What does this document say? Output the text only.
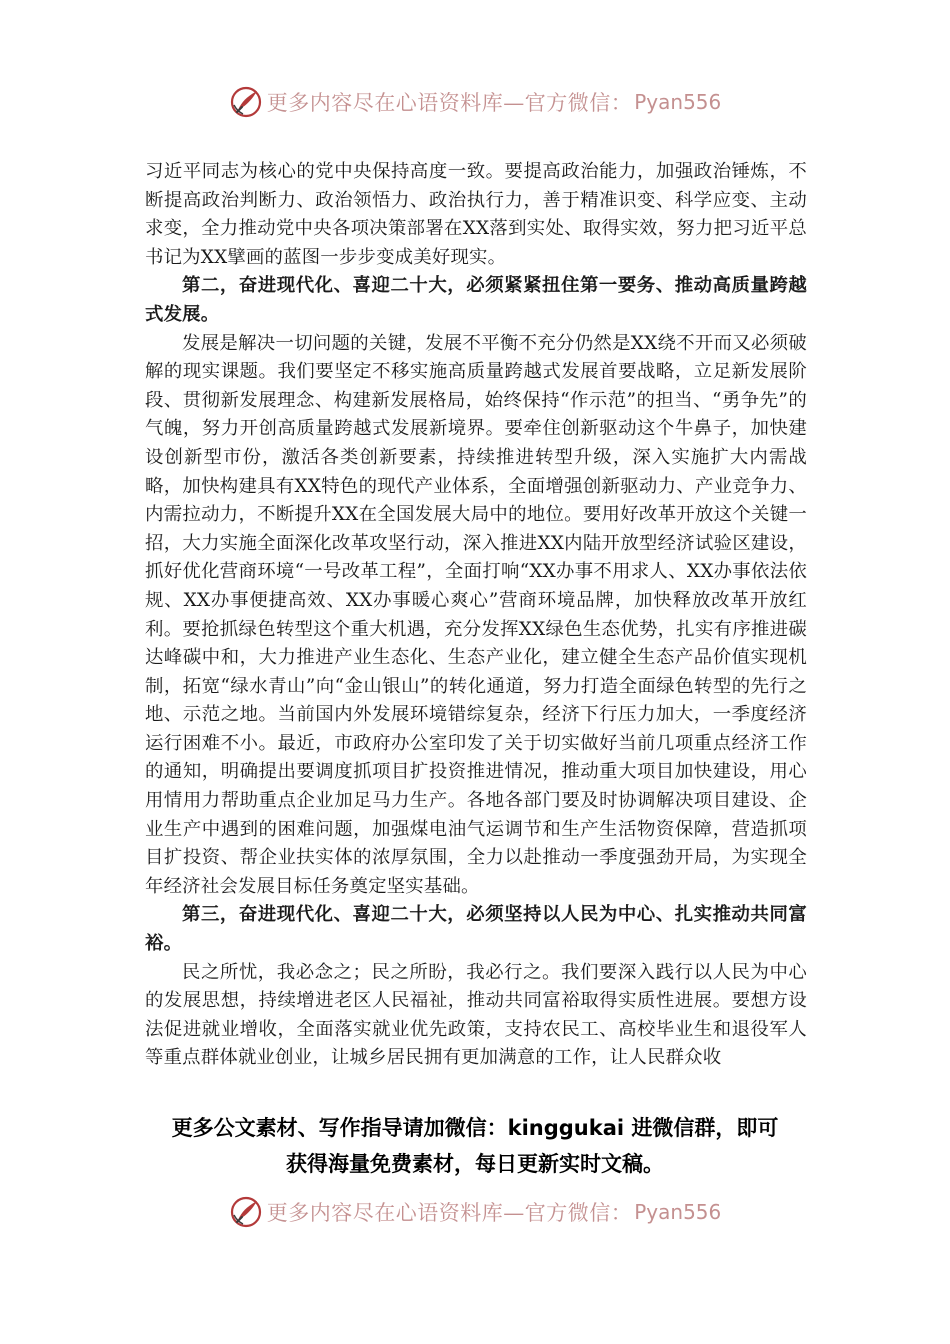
更多内容尽在心语资料库—官方微信： Pyan556

习近平同志为核心的党中央保持高度一致。要提高政治能力，加强政治锤炼，不断提高政治判断力、政治领悟力、政治执行力，善于精准识变、科学应变、主动求变，全力推动党中央各项决策部署在XX落到实处、取得实效，努力把习近平总书记为XX擘画的蓝图一步步变成美好现实。

第二，奋进现代化、喜迎二十大，必须紧紧扭住第一要务、推动高质量跨越式发展。

发展是解决一切问题的关键，发展不平衡不充分仍然是XX绕不开而又必须破解的现实课题。我们要坚定不移实施高质量跨越式发展首要战略，立足新发展阶段、贯彻新发展理念、构建新发展格局，始终保持“作示范”的担当、“勇争先”的气魄，努力开创高质量跨越式发展新境界。要牵住创新驱动这个牛鼻子，加快建设创新型市份，激活各类创新要素，持续推进转型升级，深入实施扩大内需战略，加快构建具有XX特色的现代产业体系，全面增强创新驱动力、产业竞争力、内需拉动力，不断提升XX在全国发展大局中的地位。要用好改革开放这个关键一招，大力实施全面深化改革攻坚行动，深入推进XX内陆开放型经济试验区建设，抓好优化营商环境“一号改革工程”，全面打响“XX办事不用求人、XX办事依法依规、XX办事便捷高效、XX办事暖心爽心”营商环境品牌，加快释放改革开放红利。要抢抓绿色转型这个重大机遇，充分发挥XX绿色生态优势，扎实有序推进碳达峰碳中和，大力推进产业生态化、生态产业化，建立健全生态产品价值实现机制，拓宽“绿水青山”向“金山银山”的转化通道，努力打造全面绿色转型的先行之地、示范之地。当前国内外发展环境错综复杂，经济下行压力加大，一季度经济运行困难不小。最近，市政府办公室印发了关于切实做好当前几项重点经济工作的通知，明确提出要调度抓项目扩投资推进情况，推动重大项目加快建设，用心用情用力帮助重点企业加足马力生产。各地各部门要及时协调解决项目建设、企业生产中遇到的困难问题，加强煤电油气运调节和生产生活物资保障，营造抓项目扩投资、帮企业扶实体的浓厚氛围，全力以赴推动一季度强劲开局，为实现全年经济社会发展目标任务奠定坚实基础。

第三，奋进现代化、喜迎二十大，必须坚持以人民为中心、扎实推动共同富裕。

民之所忧，我必念之；民之所盼，我必行之。我们要深入践行以人民为中心的发展思想，持续增进老区人民福祉，推动共同富裕取得实质性进展。要想方设法促进就业增收，全面落实就业优先政策，支持农民工、高校毕业生和退役军人等重点群体就业创业，让城乡居民拥有更加满意的工作，让人民群众收

更多公文素材、写作指导请加微信：kinggukai 进微信群，即可
获得海量免费素材，每日更新实时文稿。
更多内容尽在心语资料库—官方微信： Pyan556
